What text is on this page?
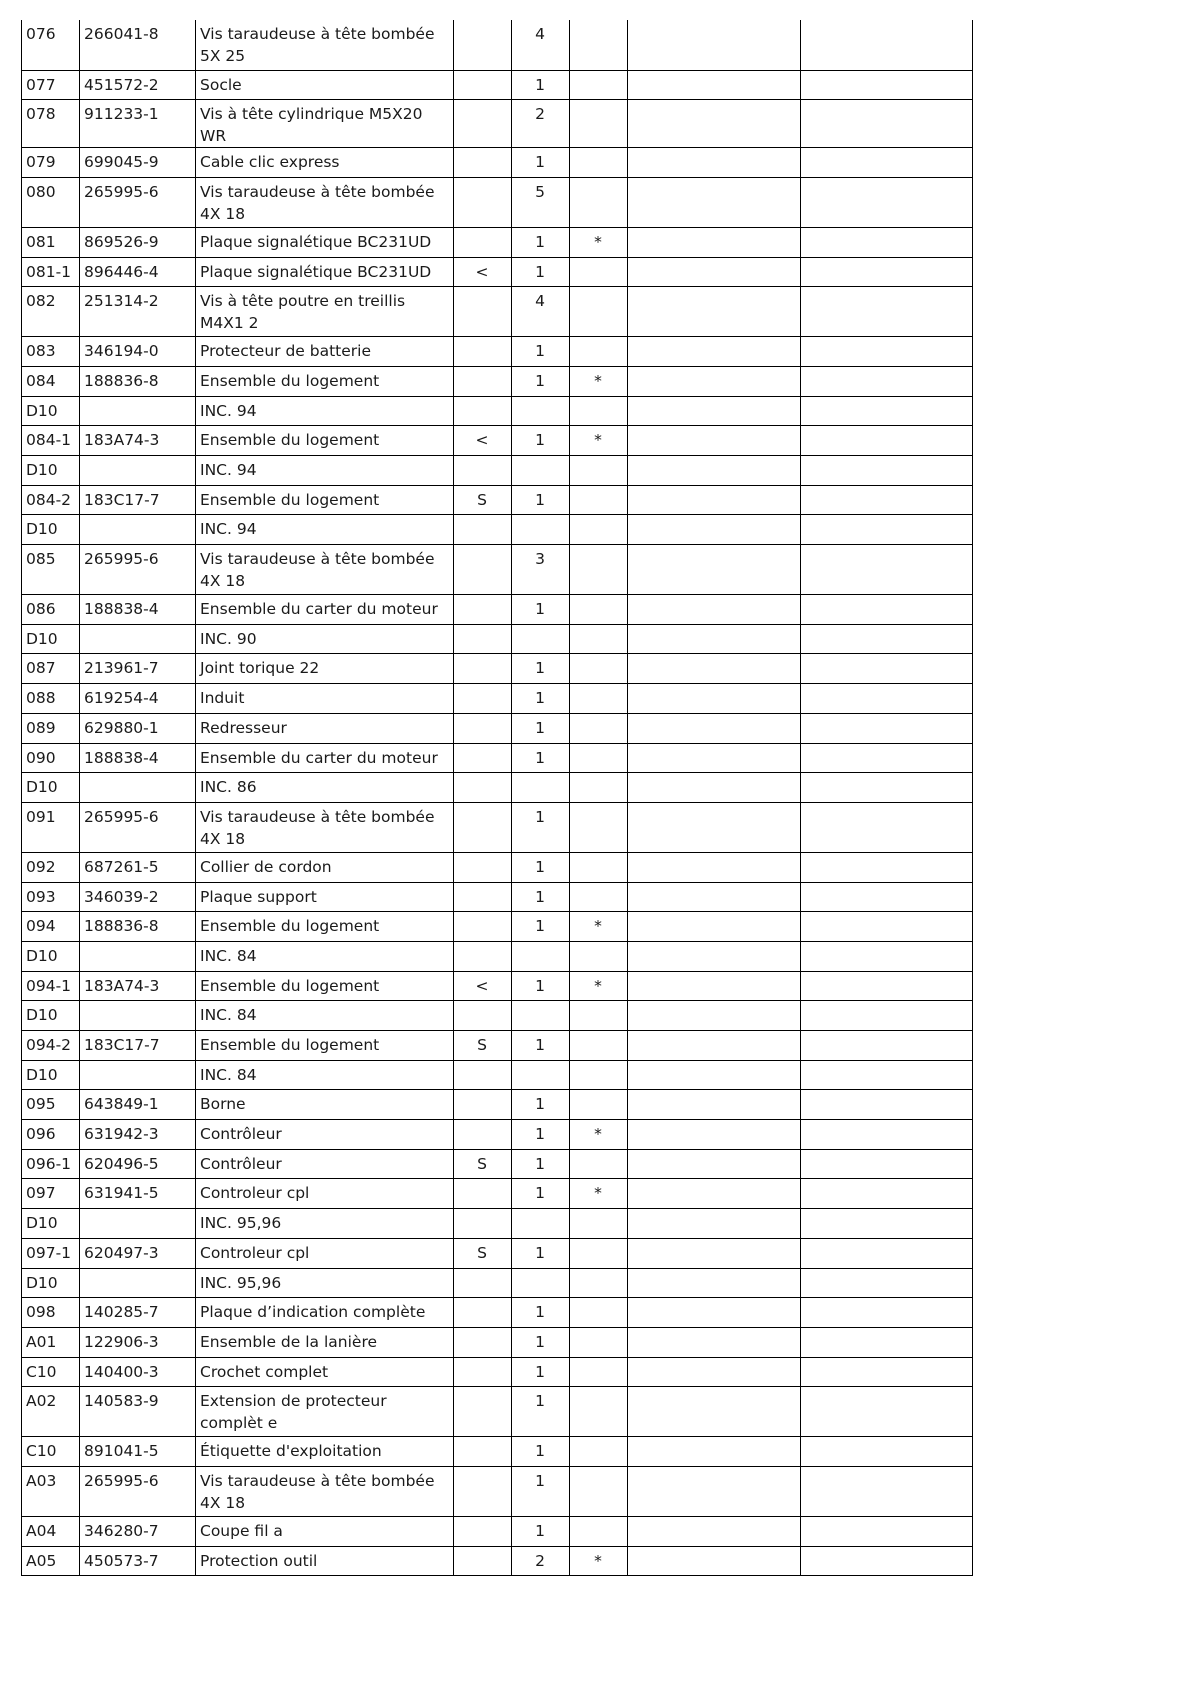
076	266041-8	Vis taraudeuse à tête bombée 5X 25		4			
077	451572-2	Socle		1			
078	911233-1	Vis à tête cylindrique M5X20 WR		2			
079	699045-9	Cable clic express		1			
080	265995-6	Vis taraudeuse à tête bombée 4X 18		5			
081	869526-9	Plaque signalétique BC231UD		1	*		
081-1	896446-4	Plaque signalétique BC231UD	<	1			
082	251314-2	Vis à tête poutre en treillis M4X1 2		4			
083	346194-0	Protecteur de batterie		1			
084	188836-8	Ensemble du logement		1	*		
D10		INC. 94					
084-1	183A74-3	Ensemble du logement	<	1	*		
D10		INC. 94					
084-2	183C17-7	Ensemble du logement	S	1			
D10		INC. 94					
085	265995-6	Vis taraudeuse à tête bombée 4X 18		3			
086	188838-4	Ensemble du carter du moteur		1			
D10		INC. 90					
087	213961-7	Joint torique 22		1			
088	619254-4	Induit		1			
089	629880-1	Redresseur		1			
090	188838-4	Ensemble du carter du moteur		1			
D10		INC. 86					
091	265995-6	Vis taraudeuse à tête bombée 4X 18		1			
092	687261-5	Collier de cordon		1			
093	346039-2	Plaque support		1			
094	188836-8	Ensemble du logement		1	*		
D10		INC. 84					
094-1	183A74-3	Ensemble du logement	<	1	*		
D10		INC. 84					
094-2	183C17-7	Ensemble du logement	S	1			
D10		INC. 84					
095	643849-1	Borne		1			
096	631942-3	Contrôleur		1	*		
096-1	620496-5	Contrôleur	S	1			
097	631941-5	Controleur cpl		1	*		
D10		INC. 95,96					
097-1	620497-3	Controleur cpl	S	1			
D10		INC. 95,96					
098	140285-7	Plaque d’indication complète		1			
A01	122906-3	Ensemble de la lanière		1			
C10	140400-3	Crochet complet		1			
A02	140583-9	Extension de protecteur complèt e		1			
C10	891041-5	Étiquette d'exploitation		1			
A03	265995-6	Vis taraudeuse à tête bombée 4X 18		1			
A04	346280-7	Coupe fil a		1			
A05	450573-7	Protection outil		2	*		
